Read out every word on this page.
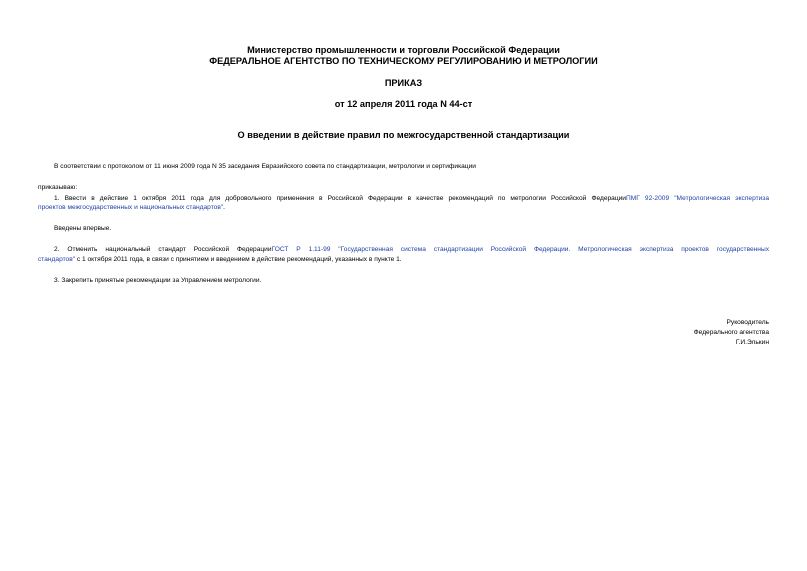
Министерство промышленности и торговли Российской Федерации
ФЕДЕРАЛЬНОЕ АГЕНТСТВО ПО ТЕХНИЧЕСКОМУ РЕГУЛИРОВАНИЮ И МЕТРОЛОГИИ
ПРИКАЗ
от 12 апреля 2011 года N 44-ст
О введении в действие правил по межгосударственной стандартизации
В соответствии с протоколом от 11 июня 2009 года N 35 заседания Евразийского совета по стандартизации, метрологии и сертификации
приказываю:
1. Ввести в действие 1 октября 2011 года для добровольного применения в Российской Федерации в качестве рекомендаций по метрологии Российской ФедерацииПМГ 92-2009 "Метрологическая экспертиза
проектов межгосударственных и национальных стандартов".
Введены впервые.
2. Отменить национальный стандарт Российской ФедерацииГОСТ Р 1.11-99 "Государственная система стандартизации Российской Федерации. Метрологическая экспертиза проектов государственных
стандартов" с 1 октября 2011 года, в связи с принятием и введением в действие рекомендаций, указанных в пункте 1.
3. Закрепить принятые рекомендации за Управлением метрологии.
Руководитель
Федерального агентства
Г.И.Элькин
